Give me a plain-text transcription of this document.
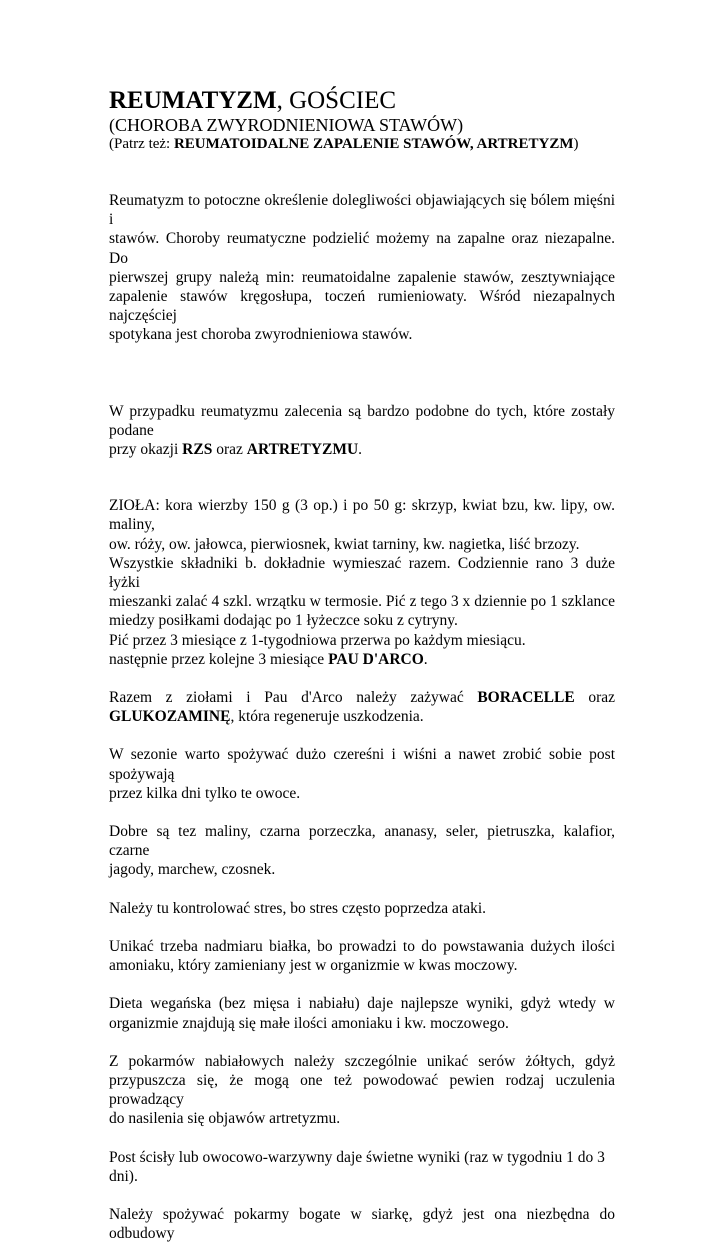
REUMATYZM, GOŚCIEC
(CHOROBA ZWYRODNIENIOWA STAWÓW)
(Patrz też: REUMATOIDALNE ZAPALENIE STAWÓW, ARTRETYZM)
Reumatyzm to potoczne określenie dolegliwości objawiających się bólem mięśni i
stawów. Choroby reumatyczne podzielić możemy na zapalne oraz niezapalne. Do
pierwszej grupy należą min: reumatoidalne zapalenie stawów, zesztywniające
zapalenie stawów kręgosłupa, toczeń rumieniowaty. Wśród niezapalnych najczęściej
spotykana jest choroba zwyrodnieniowa stawów.
W przypadku reumatyzmu zalecenia są bardzo podobne do tych, które zostały podane
przy okazji RZS oraz ARTRETYZMU.
ZIOŁA: kora wierzby 150 g (3 op.) i po 50 g: skrzyp, kwiat bzu, kw. lipy, ow. maliny,
ow. róży, ow. jałowca, pierwiosnek, kwiat tarniny, kw. nagietka, liść brzozy.
Wszystkie składniki b. dokładnie wymieszać razem. Codziennie rano 3 duże łyżki
mieszanki zalać 4 szkl. wrzątku w termosie. Pić z tego 3 x dziennie po 1 szklance
miedzy posiłkami dodając po 1 łyżeczce soku z cytryny.
Pić przez 3 miesiące z 1-tygodniowa przerwa po każdym miesiącu.
następnie przez kolejne 3 miesiące PAU D'ARCO.
Razem z ziołami i Pau d'Arco należy zażywać BORACELLE oraz
GLUKOZAMINĘ, która regeneruje uszkodzenia.
W sezonie warto spożywać dużo czereśni i wiśni a nawet zrobić sobie post spożywają
przez kilka dni tylko te owoce.
Dobre są tez maliny, czarna porzeczka, ananasy, seler, pietruszka, kalafior, czarne
jagody, marchew, czosnek.
Należy tu kontrolować stres, bo stres często poprzedza ataki.
Unikać trzeba nadmiaru białka, bo prowadzi to do powstawania dużych ilości
amoniaku, który zamieniany jest w organizmie w kwas moczowy.
Dieta wegańska (bez mięsa i nabiału) daje najlepsze wyniki, gdyż wtedy w
organizmie znajdują się małe ilości amoniaku i kw. moczowego.
Z pokarmów nabiałowych należy szczególnie unikać serów żółtych, gdyż
przypuszcza się, że mogą one też powodować pewien rodzaj uczulenia prowadzący
do nasilenia się objawów artretyzmu.
Post ścisły lub owocowo-warzywny daje świetne wyniki (raz w tygodniu 1 do 3 dni).
Należy spożywać pokarmy bogate w siarkę, gdyż jest ona niezbędna do odbudowy
